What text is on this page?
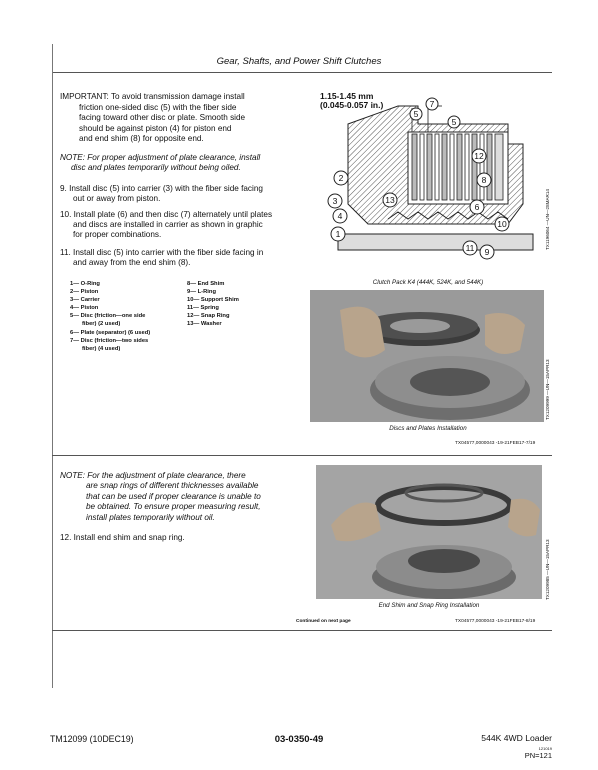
Gear, Shafts, and Power Shift Clutches
IMPORTANT: To avoid transmission damage install
friction one-sided disc (5) with the fiber side
facing toward other disc or plate. Smooth side
should be against piston (4) for piston end
and end shim (8) for opposite end.
NOTE: For proper adjustment of plate clearance, install
disc and plates temporarily without being oiled.
9. Install disc (5) into carrier (3) with the fiber side facing
out or away from piston.
10. Install plate (6) and then disc (7) alternately until plates
and discs are installed in carrier as shown in graphic
for proper combinations.
11. Install disc (5) into carrier with the fiber side facing in
and away from the end shim (8).
1— O-Ring
2— Piston
3— Carrier
4— Piston
5— Disc (friction—one side
fiber) (2 used)
6— Plate (separator) (6 used)
7— Disc (friction—two sides
fiber) (4 used)
8— End Shim
9— L-Ring
10— Support Shim
11— Spring
12— Snap Ring
13— Washer
7
5
5
12
2	8
3
4
13
6
10
1
11 9
1.15-1.45 mm
(0.045-0.057 in.)
TX1196064 —UN—28MAR14
Clutch Pack K4 (444K, 524K, and 544K)
TX1209999 —UN—15APR13
Discs and Plates Installation
TX04577,0000043 -19-21FEB17-7/19
NOTE: For the adjustment of plate clearance, there
are snap rings of different thicknesses available
that can be used if proper clearance is unable to
be obtained. To ensure proper measuring result,
install plates temporarily without oil.
12. Install end shim and snap ring.
TX1209985 —UN—15APR13
End Shim and Snap Ring Installation
Continued on next page	TX04577,0000043 -19-21FEB17-8/19
TM12099 (10DEC19)	03-0350-49	544K 4WD Loader
121019
PN=121
